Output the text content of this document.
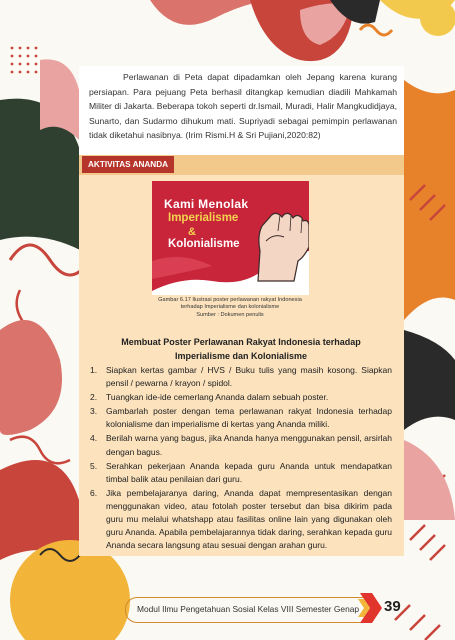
Perlawanan di Peta dapat dipadamkan oleh Jepang karena kurang persiapan. Para pejuang Peta berhasil ditangkap kemudian diadili Mahkamah Militer di Jakarta. Beberapa tokoh seperti dr.Ismail, Muradi, Halir Mangkudidjaya, Sunarto, dan Sudarmo dihukum mati. Supriyadi sebagai pemimpin perlawanan tidak diketahui nasibnya. (Irim Rismi.H & Sri Pujiani,2020:82)

AKTIVITAS ANANDA
Kami Menolak
Imperialisme
&
Kolonialisme
Gambar 6.17 Ilustrasi poster perlawanan rakyat Indonesia
terhadap Imperialisme dan kolonialisme
Sumber : Dokumen penulis
Membuat Poster Perlawanan Rakyat Indonesia terhadap Imperialisme dan Kolonialisme
1.	Siapkan kertas gambar / HVS / Buku tulis yang masih kosong. Siapkan pensil / pewarna / krayon / spidol.
2.	Tuangkan ide-ide cemerlang Ananda dalam sebuah poster.
3.	Gambarlah poster dengan tema perlawanan rakyat Indonesia terhadap kolonialisme dan imperialisme di kertas yang Ananda miliki.
4.	Berilah warna yang bagus, jika Ananda hanya menggunakan pensil, arsirlah dengan bagus.
5.	Serahkan pekerjaan Ananda kepada guru Ananda untuk mendapatkan timbal balik atau penilaian dari guru.
6.	Jika pembelajaranya daring, Ananda dapat mempresentasikan dengan menggunakan video, atau fotolah poster tersebut dan bisa dikirim pada guru mu melalui whatshapp atau fasilitas online lain yang digunakan oleh guru Ananda. Apabila pembelajarannya tidak daring, serahkan kepada guru Ananda secara langsung atau sesuai dengan arahan guru.
Modul Ilmu Pengetahuan Sosial Kelas VIII Semester Genap	39
